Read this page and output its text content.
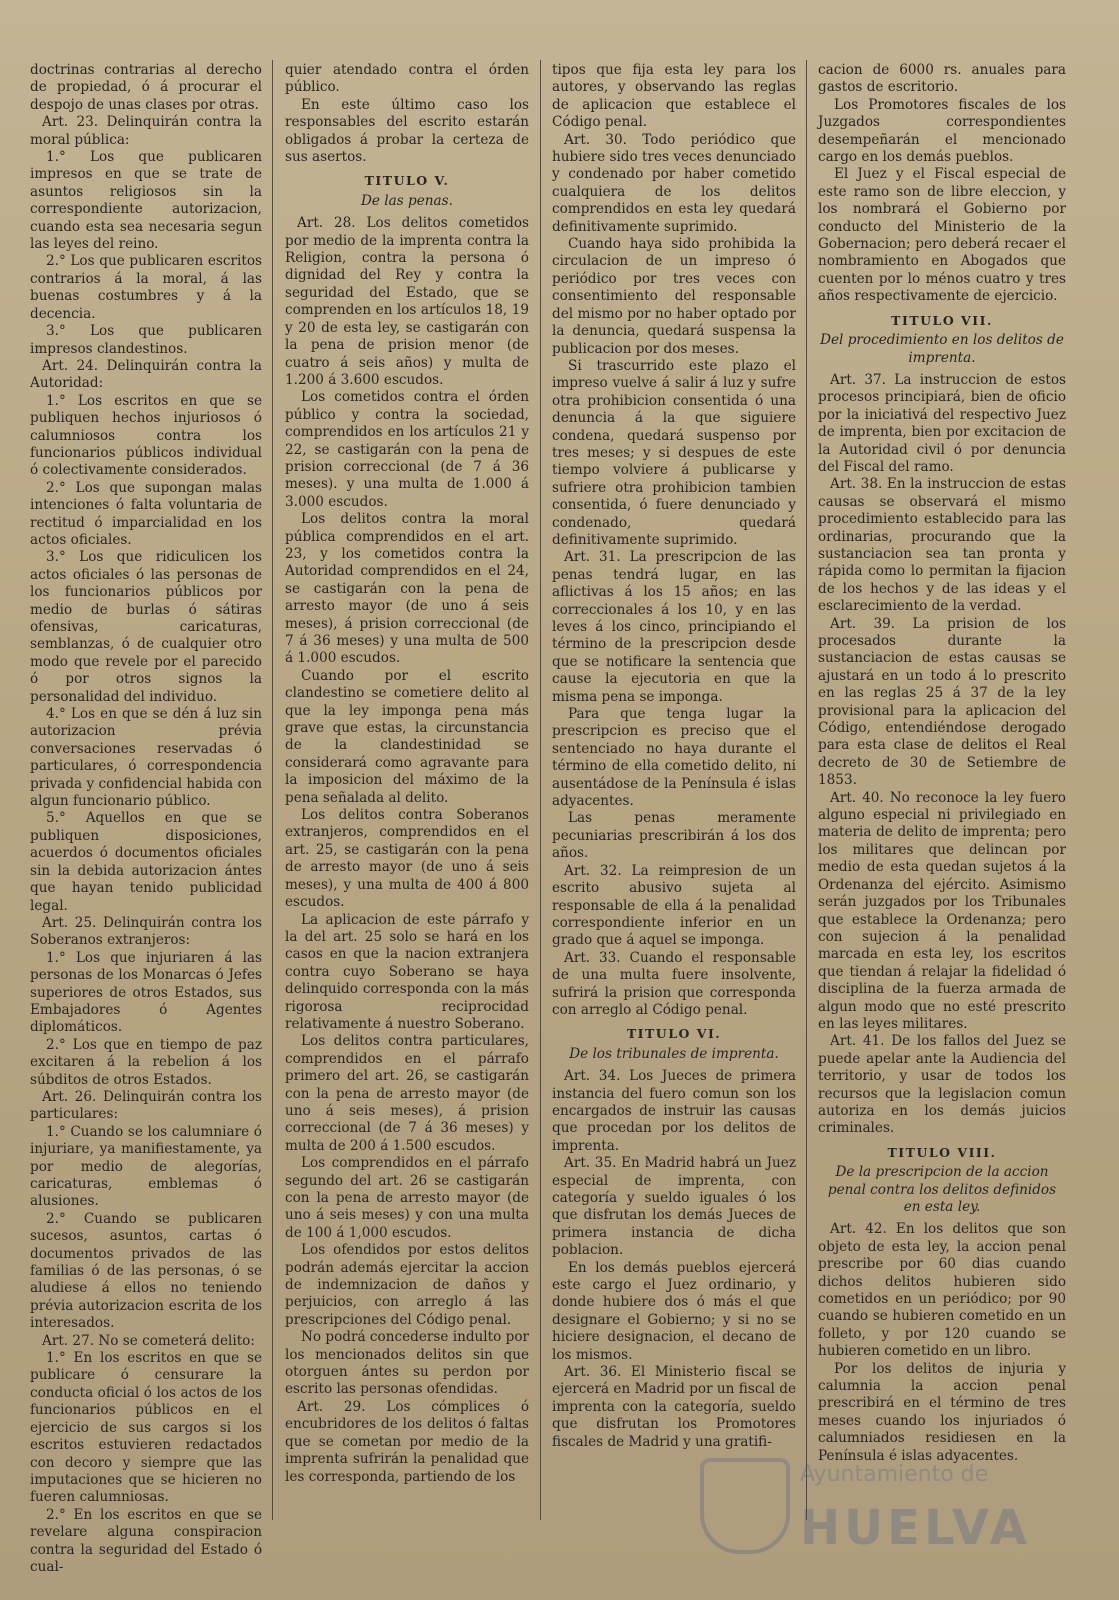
doctrinas contrarias al derecho de propiedad, ó á procurar el despojo de unas clases por otras.

Art. 23. Delinquirán contra la moral pública:

1.° Los que publicaren impresos en que se trate de asuntos religiosos sin la correspondiente autorizacion, cuando esta sea necesaria segun las leyes del reino.

2.° Los que publicaren escritos contrarios á la moral, á las buenas costumbres y á la decencia.

3.° Los que publicaren impresos clandestinos.

Art. 24. Delinquirán contra la Autoridad:

1.° Los escritos en que se publiquen hechos injuriosos ó calumniosos contra los funcionarios públicos individual ó colectivamente considerados.

2.° Los que supongan malas intenciones ó falta voluntaria de rectitud ó imparcialidad en los actos oficiales.

3.° Los que ridiculicen los actos oficiales ó las personas de los funcionarios públicos por medio de burlas ó sátiras ofensivas, caricaturas, semblanzas, ó de cualquier otro modo que revele por el parecido ó por otros signos la personalidad del individuo.

4.° Los en que se dén á luz sin autorizacion prévia conversaciones reservadas ó particulares, ó correspondencia privada y confidencial habida con algun funcionario público.

5.° Aquellos en que se publiquen disposiciones, acuerdos ó documentos oficiales sin la debida autorizacion ántes que hayan tenido publicidad legal.

Art. 25. Delinquirán contra los Soberanos extranjeros:

1.° Los que injuriaren á las personas de los Monarcas ó Jefes superiores de otros Estados, sus Embajadores ó Agentes diplomáticos.

2.° Los que en tiempo de paz excitaren á la rebelion á los súbditos de otros Estados.

Art. 26. Delinquirán contra los particulares:

1.° Cuando se los calumniare ó injuriare, ya manifiestamente, ya por medio de alegorías, caricaturas, emblemas ó alusiones.

2.° Cuando se publicaren sucesos, asuntos, cartas ó documentos privados de las familias ó de las personas, ó se aludiese á ellos no teniendo prévia autorizacion escrita de los interesados.

Art. 27. No se cometerá delito:

1.° En los escritos en que se publicare ó censurare la conducta oficial ó los actos de los funcionarios públicos en el ejercicio de sus cargos si los escritos estuvieren redactados con decoro y siempre que las imputaciones que se hicieren no fueren calumniosas.

2.° En los escritos en que se revelare alguna conspiracion contra la seguridad del Estado ó cual-

quier atendado contra el órden público.

En este último caso los responsables del escrito estarán obligados á probar la certeza de sus asertos.

TITULO V.
De las penas.

Art. 28. Los delitos cometidos por medio de la imprenta contra la Religion, contra la persona ó dignidad del Rey y contra la seguridad del Estado, que se comprenden en los artículos 18, 19 y 20 de esta ley, se castigarán con la pena de prision menor (de cuatro á seis años) y multa de 1.200 á 3.600 escudos.

Los cometidos contra el órden público y contra la sociedad, comprendidos en los artículos 21 y 22, se castigarán con la pena de prision correccional (de 7 á 36 meses). y una multa de 1.000 á 3.000 escudos.

Los delitos contra la moral pública comprendidos en el art. 23, y los cometidos contra la Autoridad comprendidos en el 24, se castigarán con la pena de arresto mayor (de uno á seis meses), á prision correccional (de 7 á 36 meses) y una multa de 500 á 1.000 escudos.

Cuando por el escrito clandestino se cometiere delito al que la ley imponga pena más grave que estas, la circunstancia de la clandestinidad se considerará como agravante para la imposicion del máximo de la pena señalada al delito.

Los delitos contra Soberanos extranjeros, comprendidos en el art. 25, se castigarán con la pena de arresto mayor (de uno á seis meses), y una multa de 400 á 800 escudos.

La aplicacion de este párrafo y la del art. 25 solo se hará en los casos en que la nacion extranjera contra cuyo Soberano se haya delinquido corresponda con la más rigorosa reciprocidad relativamente á nuestro Soberano.

Los delitos contra particulares, comprendidos en el párrafo primero del art. 26, se castigarán con la pena de arresto mayor (de uno á seis meses), á prision correccional (de 7 á 36 meses) y multa de 200 á 1.500 escudos.

Los comprendidos en el párrafo segundo del art. 26 se castigarán con la pena de arresto mayor (de uno á seis meses) y con una multa de 100 á 1,000 escudos.

Los ofendidos por estos delitos podrán además ejercitar la accion de indemnizacion de daños y perjuicios, con arreglo á las prescripciones del Código penal.

No podrá concederse indulto por los mencionados delitos sin que otorguen ántes su perdon por escrito las personas ofendidas.

Art. 29. Los cómplices ó encubridores de los delitos ó faltas que se cometan por medio de la imprenta sufrirán la penalidad que les corresponda, partiendo de los

tipos que fija esta ley para los autores, y observando las reglas de aplicacion que establece el Código penal.

Art. 30. Todo periódico que hubiere sido tres veces denunciado y condenado por haber cometido cualquiera de los delitos comprendidos en esta ley quedará definitivamente suprimido.

Cuando haya sido prohibida la circulacion de un impreso ó periódico por tres veces con consentimiento del responsable del mismo por no haber optado por la denuncia, quedará suspensa la publicacion por dos meses.

Si trascurrido este plazo el impreso vuelve á salir á luz y sufre otra prohibicion consentida ó una denuncia á la que siguiere condena, quedará suspenso por tres meses; y si despues de este tiempo volviere á publicarse y sufriere otra prohibicion tambien consentida, ó fuere denunciado y condenado, quedará definitivamente suprimido.

Art. 31. La prescripcion de las penas tendrá lugar, en las aflictivas á los 15 años; en las correccionales á los 10, y en las leves á los cinco, principiando el término de la prescripcion desde que se notificare la sentencia que cause la ejecutoria en que la misma pena se imponga.

Para que tenga lugar la prescripcion es preciso que el sentenciado no haya durante el término de ella cometido delito, ni ausentádose de la Península é islas adyacentes.

Las penas meramente pecuniarias prescribirán á los dos años.

Art. 32. La reimpresion de un escrito abusivo sujeta al responsable de ella á la penalidad correspondiente inferior en un grado que á aquel se imponga.

Art. 33. Cuando el responsable de una multa fuere insolvente, sufrirá la prision que corresponda con arreglo al Código penal.

TITULO VI.
De los tribunales de imprenta.

Art. 34. Los Jueces de primera instancia del fuero comun son los encargados de instruir las causas que procedan por los delitos de imprenta.

Art. 35. En Madrid habrá un Juez especial de imprenta, con categoría y sueldo iguales ó los que disfrutan los demás Jueces de primera instancia de dicha poblacion.

En los demás pueblos ejercerá este cargo el Juez ordinario, y donde hubiere dos ó más el que designare el Gobierno; y si no se hiciere designacion, el decano de los mismos.

Art. 36. El Ministerio fiscal se ejercerá en Madrid por un fiscal de imprenta con la categoría, sueldo que disfrutan los Promotores fiscales de Madrid y una gratifi-

cacion de 6000 rs. anuales para gastos de escritorio.

Los Promotores fiscales de los Juzgados correspondientes desempeñarán el mencionado cargo en los demás pueblos.

El Juez y el Fiscal especial de este ramo son de libre eleccion, y los nombrará el Gobierno por conducto del Ministerio de la Gobernacion; pero deberá recaer el nombramiento en Abogados que cuenten por lo ménos cuatro y tres años respectivamente de ejercicio.

TITULO VII.
Del procedimiento en los delitos de imprenta.

Art. 37. La instruccion de estos procesos principiará, bien de oficio por la iniciativá del respectivo Juez de imprenta, bien por excitacion de la Autoridad civil ó por denuncia del Fiscal del ramo.

Art. 38. En la instruccion de estas causas se observará el mismo procedimiento establecido para las ordinarias, procurando que la sustanciacion sea tan pronta y rápida como lo permitan la fijacion de los hechos y de las ideas y el esclarecimiento de la verdad.

Art. 39. La prision de los procesados durante la sustanciacion de estas causas se ajustará en un todo á lo prescrito en las reglas 25 á 37 de la ley provisional para la aplicacion del Código, entendiéndose derogado para esta clase de delitos el Real decreto de 30 de Setiembre de 1853.

Art. 40. No reconoce la ley fuero alguno especial ni privilegiado en materia de delito de imprenta; pero los militares que delincan por medio de esta quedan sujetos á la Ordenanza del ejército. Asimismo serán juzgados por los Tribunales que establece la Ordenanza; pero con sujecion á la penalidad marcada en esta ley, los escritos que tiendan á relajar la fidelidad ó disciplina de la fuerza armada de algun modo que no esté prescrito en las leyes militares.

Art. 41. De los fallos del Juez se puede apelar ante la Audiencia del territorio, y usar de todos los recursos que la legislacion comun autoriza en los demás juicios criminales.

TITULO VIII.
De la prescripcion de la accion penal contra los delitos definidos en esta ley.

Art. 42. En los delitos que son objeto de esta ley, la accion penal prescribe por 60 dias cuando dichos delitos hubieren sido cometidos en un periódico; por 90 cuando se hubieren cometido en un folleto, y por 120 cuando se hubieren cometido en un libro.

Por los delitos de injuria y calumnia la accion penal prescribirá en el término de tres meses cuando los injuriados ó calumniados residiesen en la Península é islas adyacentes.

Ayuntamiento de
HUELVA
